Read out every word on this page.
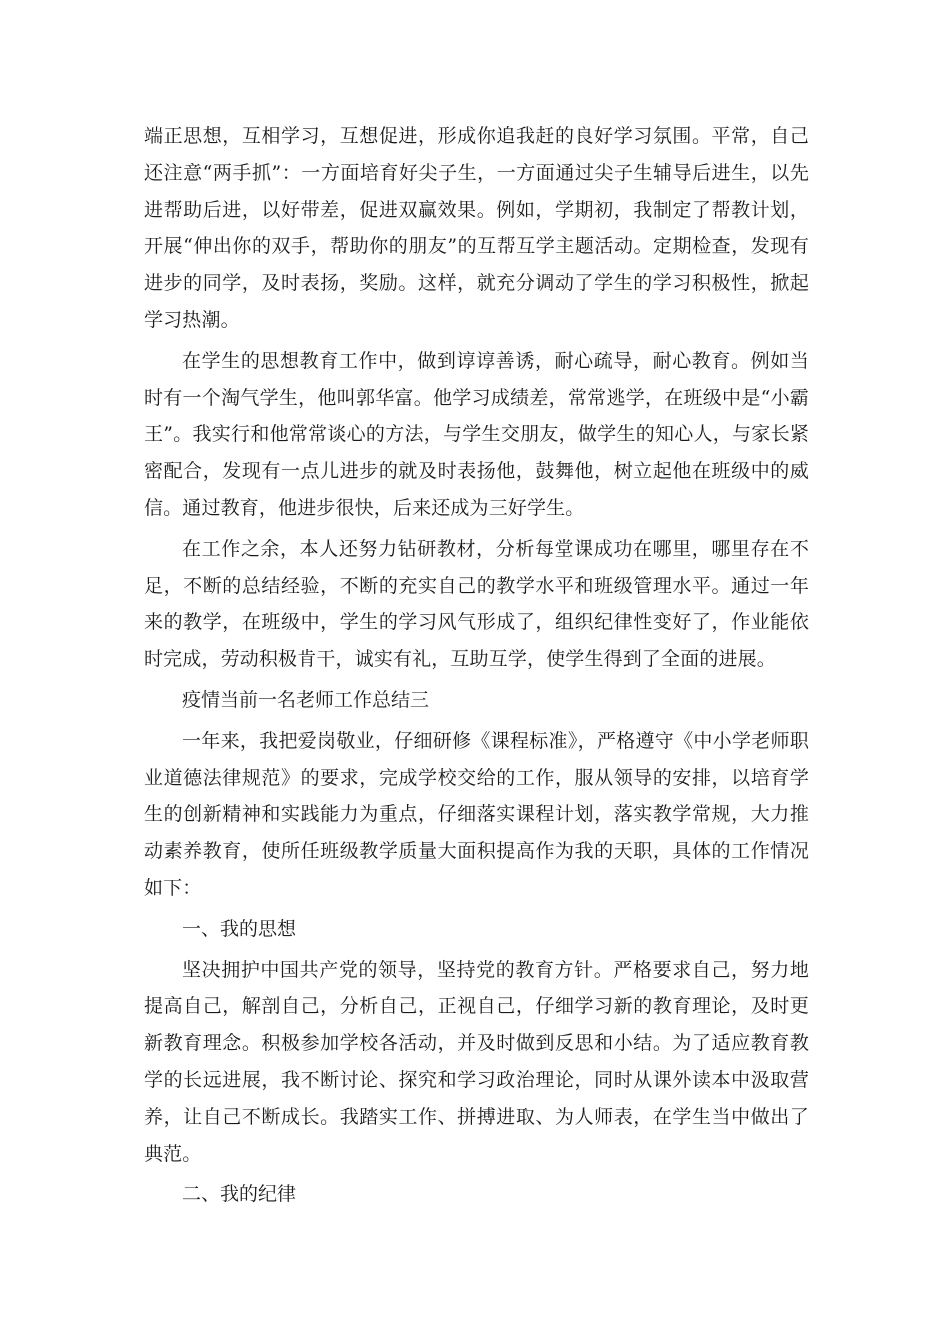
端正思想，互相学习，互想促进，形成你追我赶的良好学习氛围。平常，自己还注意“两手抓”：一方面培育好尖子生，一方面通过尖子生辅导后进生，以先进帮助后进，以好带差，促进双赢效果。例如，学期初，我制定了帮教计划，开展“伸出你的双手，帮助你的朋友”的互帮互学主题活动。定期检查，发现有进步的同学，及时表扬，奖励。这样，就充分调动了学生的学习积极性，掀起学习热潮。

在学生的思想教育工作中，做到谆谆善诱，耐心疏导，耐心教育。例如当时有一个淘气学生，他叫郭华富。他学习成绩差，常常逃学，在班级中是“小霸王”。我实行和他常常谈心的方法，与学生交朋友，做学生的知心人，与家长紧密配合，发现有一点儿进步的就及时表扬他，鼓舞他，树立起他在班级中的威信。通过教育，他进步很快，后来还成为三好学生。

在工作之余，本人还努力钻研教材，分析每堂课成功在哪里，哪里存在不足，不断的总结经验，不断的充实自己的教学水平和班级管理水平。通过一年来的教学，在班级中，学生的学习风气形成了，组织纪律性变好了，作业能依时完成，劳动积极肯干，诚实有礼，互助互学，使学生得到了全面的进展。

疫情当前一名老师工作总结三

一年来，我把爱岗敬业，仔细研修《课程标准》，严格遵守《中小学老师职业道德法律规范》的要求，完成学校交给的工作，服从领导的安排，以培育学生的创新精神和实践能力为重点，仔细落实课程计划，落实教学常规，大力推动素养教育，使所任班级教学质量大面积提高作为我的天职，具体的工作情况如下：

一、我的思想

坚决拥护中国共产党的领导，坚持党的教育方针。严格要求自己，努力地提高自己，解剖自己，分析自己，正视自己，仔细学习新的教育理论，及时更新教育理念。积极参加学校各活动，并及时做到反思和小结。为了适应教育教学的长远进展，我不断讨论、探究和学习政治理论，同时从课外读本中汲取营养，让自己不断成长。我踏实工作、拼搏进取、为人师表，在学生当中做出了典范。

二、我的纪律
